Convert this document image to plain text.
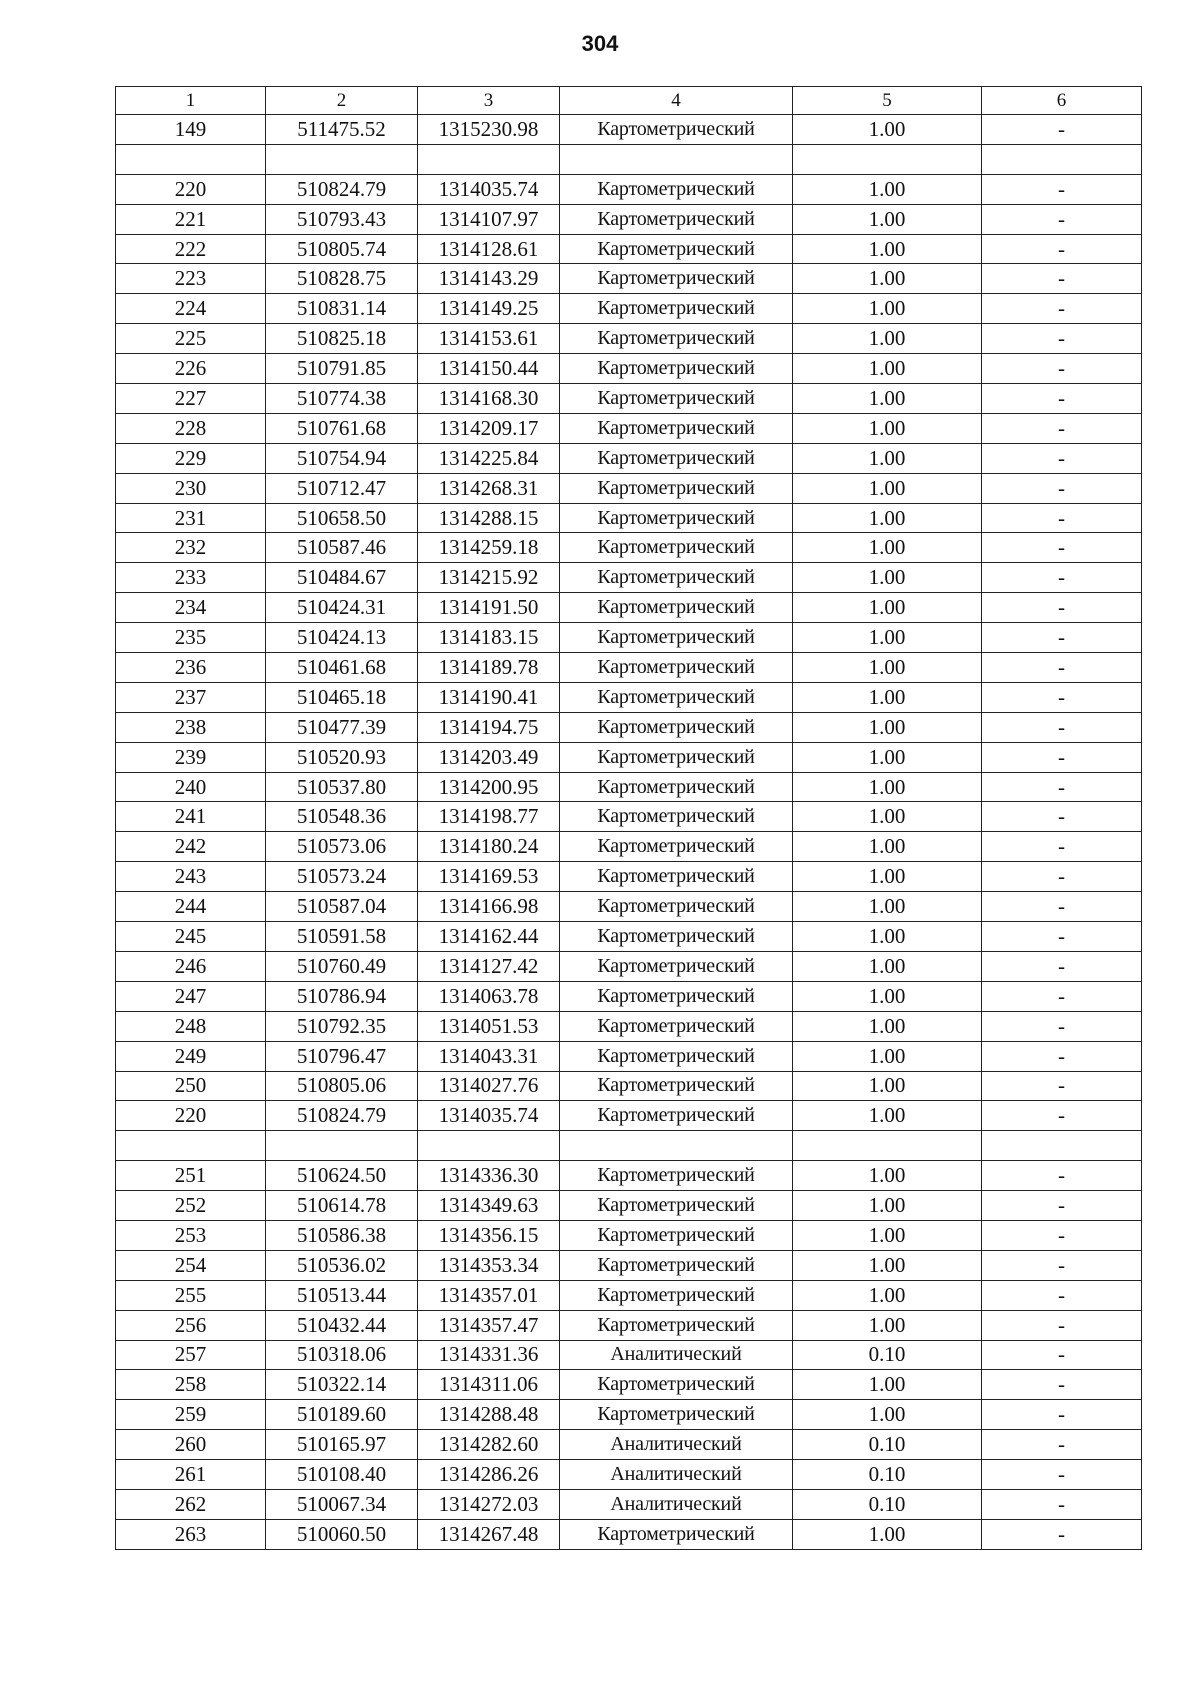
304
1	2	3	4	5	6
149	511475.52	1315230.98	Картометрический	1.00	-

220	510824.79	1314035.74	Картометрический	1.00	-
221	510793.43	1314107.97	Картометрический	1.00	-
222	510805.74	1314128.61	Картометрический	1.00	-
223	510828.75	1314143.29	Картометрический	1.00	-
224	510831.14	1314149.25	Картометрический	1.00	-
225	510825.18	1314153.61	Картометрический	1.00	-
226	510791.85	1314150.44	Картометрический	1.00	-
227	510774.38	1314168.30	Картометрический	1.00	-
228	510761.68	1314209.17	Картометрический	1.00	-
229	510754.94	1314225.84	Картометрический	1.00	-
230	510712.47	1314268.31	Картометрический	1.00	-
231	510658.50	1314288.15	Картометрический	1.00	-
232	510587.46	1314259.18	Картометрический	1.00	-
233	510484.67	1314215.92	Картометрический	1.00	-
234	510424.31	1314191.50	Картометрический	1.00	-
235	510424.13	1314183.15	Картометрический	1.00	-
236	510461.68	1314189.78	Картометрический	1.00	-
237	510465.18	1314190.41	Картометрический	1.00	-
238	510477.39	1314194.75	Картометрический	1.00	-
239	510520.93	1314203.49	Картометрический	1.00	-
240	510537.80	1314200.95	Картометрический	1.00	-
241	510548.36	1314198.77	Картометрический	1.00	-
242	510573.06	1314180.24	Картометрический	1.00	-
243	510573.24	1314169.53	Картометрический	1.00	-
244	510587.04	1314166.98	Картометрический	1.00	-
245	510591.58	1314162.44	Картометрический	1.00	-
246	510760.49	1314127.42	Картометрический	1.00	-
247	510786.94	1314063.78	Картометрический	1.00	-
248	510792.35	1314051.53	Картометрический	1.00	-
249	510796.47	1314043.31	Картометрический	1.00	-
250	510805.06	1314027.76	Картометрический	1.00	-
220	510824.79	1314035.74	Картометрический	1.00	-

251	510624.50	1314336.30	Картометрический	1.00	-
252	510614.78	1314349.63	Картометрический	1.00	-
253	510586.38	1314356.15	Картометрический	1.00	-
254	510536.02	1314353.34	Картометрический	1.00	-
255	510513.44	1314357.01	Картометрический	1.00	-
256	510432.44	1314357.47	Картометрический	1.00	-
257	510318.06	1314331.36	Аналитический	0.10	-
258	510322.14	1314311.06	Картометрический	1.00	-
259	510189.60	1314288.48	Картометрический	1.00	-
260	510165.97	1314282.60	Аналитический	0.10	-
261	510108.40	1314286.26	Аналитический	0.10	-
262	510067.34	1314272.03	Аналитический	0.10	-
263	510060.50	1314267.48	Картометрический	1.00	-
